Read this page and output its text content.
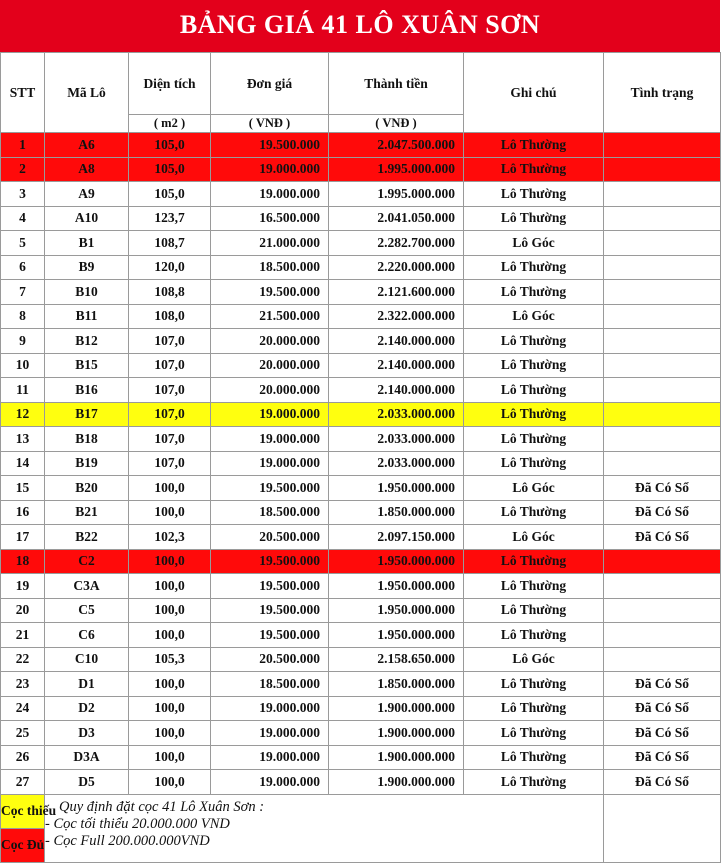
BẢNG GIÁ 41 LÔ XUÂN SƠN
STT	Mã Lô	Diện tích	Đơn giá	Thành tiền	Ghi chú	Tình trạng
		( m2 )	( VNĐ )	( VNĐ )		
1	A6	105,0	19.500.000	2.047.500.000	Lô Thường	
2	A8	105,0	19.000.000	1.995.000.000	Lô Thường	
3	A9	105,0	19.000.000	1.995.000.000	Lô Thường	
4	A10	123,7	16.500.000	2.041.050.000	Lô Thường	
5	B1	108,7	21.000.000	2.282.700.000	Lô Góc	
6	B9	120,0	18.500.000	2.220.000.000	Lô Thường	
7	B10	108,8	19.500.000	2.121.600.000	Lô Thường	
8	B11	108,0	21.500.000	2.322.000.000	Lô Góc	
9	B12	107,0	20.000.000	2.140.000.000	Lô Thường	
10	B15	107,0	20.000.000	2.140.000.000	Lô Thường	
11	B16	107,0	20.000.000	2.140.000.000	Lô Thường	
12	B17	107,0	19.000.000	2.033.000.000	Lô Thường	
13	B18	107,0	19.000.000	2.033.000.000	Lô Thường	
14	B19	107,0	19.000.000	2.033.000.000	Lô Thường	
15	B20	100,0	19.500.000	1.950.000.000	Lô Góc	Đã Có Sổ
16	B21	100,0	18.500.000	1.850.000.000	Lô Thường	Đã Có Sổ
17	B22	102,3	20.500.000	2.097.150.000	Lô Góc	Đã Có Sổ
18	C2	100,0	19.500.000	1.950.000.000	Lô Thường	
19	C3A	100,0	19.500.000	1.950.000.000	Lô Thường	
20	C5	100,0	19.500.000	1.950.000.000	Lô Thường	
21	C6	100,0	19.500.000	1.950.000.000	Lô Thường	
22	C10	105,3	20.500.000	2.158.650.000	Lô Góc	
23	D1	100,0	18.500.000	1.850.000.000	Lô Thường	Đã Có Sổ
24	D2	100,0	19.000.000	1.900.000.000	Lô Thường	Đã Có Sổ
25	D3	100,0	19.000.000	1.900.000.000	Lô Thường	Đã Có Sổ
26	D3A	100,0	19.000.000	1.900.000.000	Lô Thường	Đã Có Sổ
27	D5	100,0	19.000.000	1.900.000.000	Lô Thường	Đã Có Sổ
Cọc thiếu	Quy định đặt cọc 41 Lô Xuân Sơn :
- Cọc tối thiểu 20.000.000 VND
- Cọc Full 200.000.000VND					

Cọc Đủ						
